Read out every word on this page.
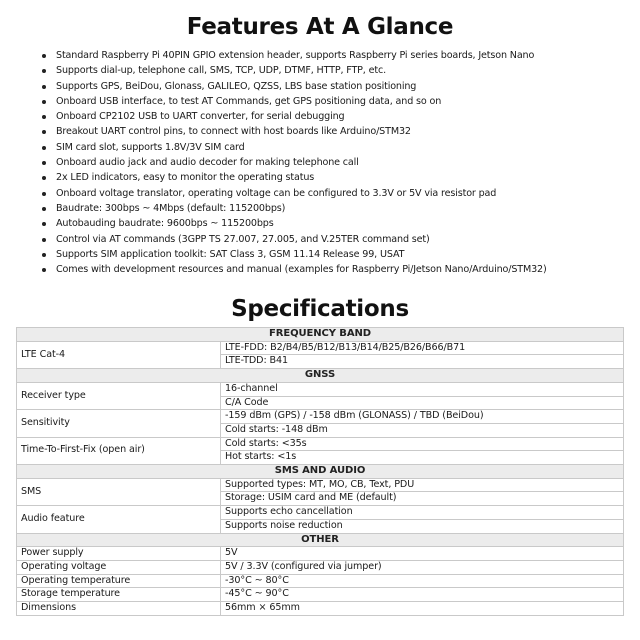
Features At A Glance
Standard Raspberry Pi 40PIN GPIO extension header, supports Raspberry Pi series boards, Jetson Nano
Supports dial-up, telephone call, SMS, TCP, UDP, DTMF, HTTP, FTP, etc.
Supports GPS, BeiDou, Glonass, GALILEO, QZSS, LBS base station positioning
Onboard USB interface, to test AT Commands, get GPS positioning data, and so on
Onboard CP2102 USB to UART converter, for serial debugging
Breakout UART control pins, to connect with host boards like Arduino/STM32
SIM card slot, supports 1.8V/3V SIM card
Onboard audio jack and audio decoder for making telephone call
2x LED indicators, easy to monitor the operating status
Onboard voltage translator, operating voltage can be configured to 3.3V or 5V via resistor pad
Baudrate: 300bps ~ 4Mbps (default: 115200bps)
Autobauding baudrate: 9600bps ~ 115200bps
Control via AT commands (3GPP TS 27.007, 27.005, and V.25TER command set)
Supports SIM application toolkit: SAT Class 3, GSM 11.14 Release 99, USAT
Comes with development resources and manual (examples for Raspberry Pi/Jetson Nano/Arduino/STM32)
Specifications
FREQUENCY BAND	
LTE Cat-4	LTE-FDD: B2/B4/B5/B12/B13/B14/B25/B26/B66/B71
	LTE-TDD: B41
GNSS	
Receiver type	16-channel
	C/A Code
Sensitivity	-159 dBm (GPS) / -158 dBm (GLONASS) / TBD (BeiDou)
	Cold starts: -148 dBm
Time-To-First-Fix (open air)	Cold starts: <35s
	Hot starts: <1s
SMS AND AUDIO	
SMS	Supported types: MT, MO, CB, Text, PDU
	Storage: USIM card and ME (default)
Audio feature	Supports echo cancellation
	Supports noise reduction
OTHER	
Power supply	5V
Operating voltage	5V / 3.3V (configured via jumper)
Operating temperature	-30°C ~ 80°C
Storage temperature	-45°C ~ 90°C
Dimensions	56mm × 65mm
